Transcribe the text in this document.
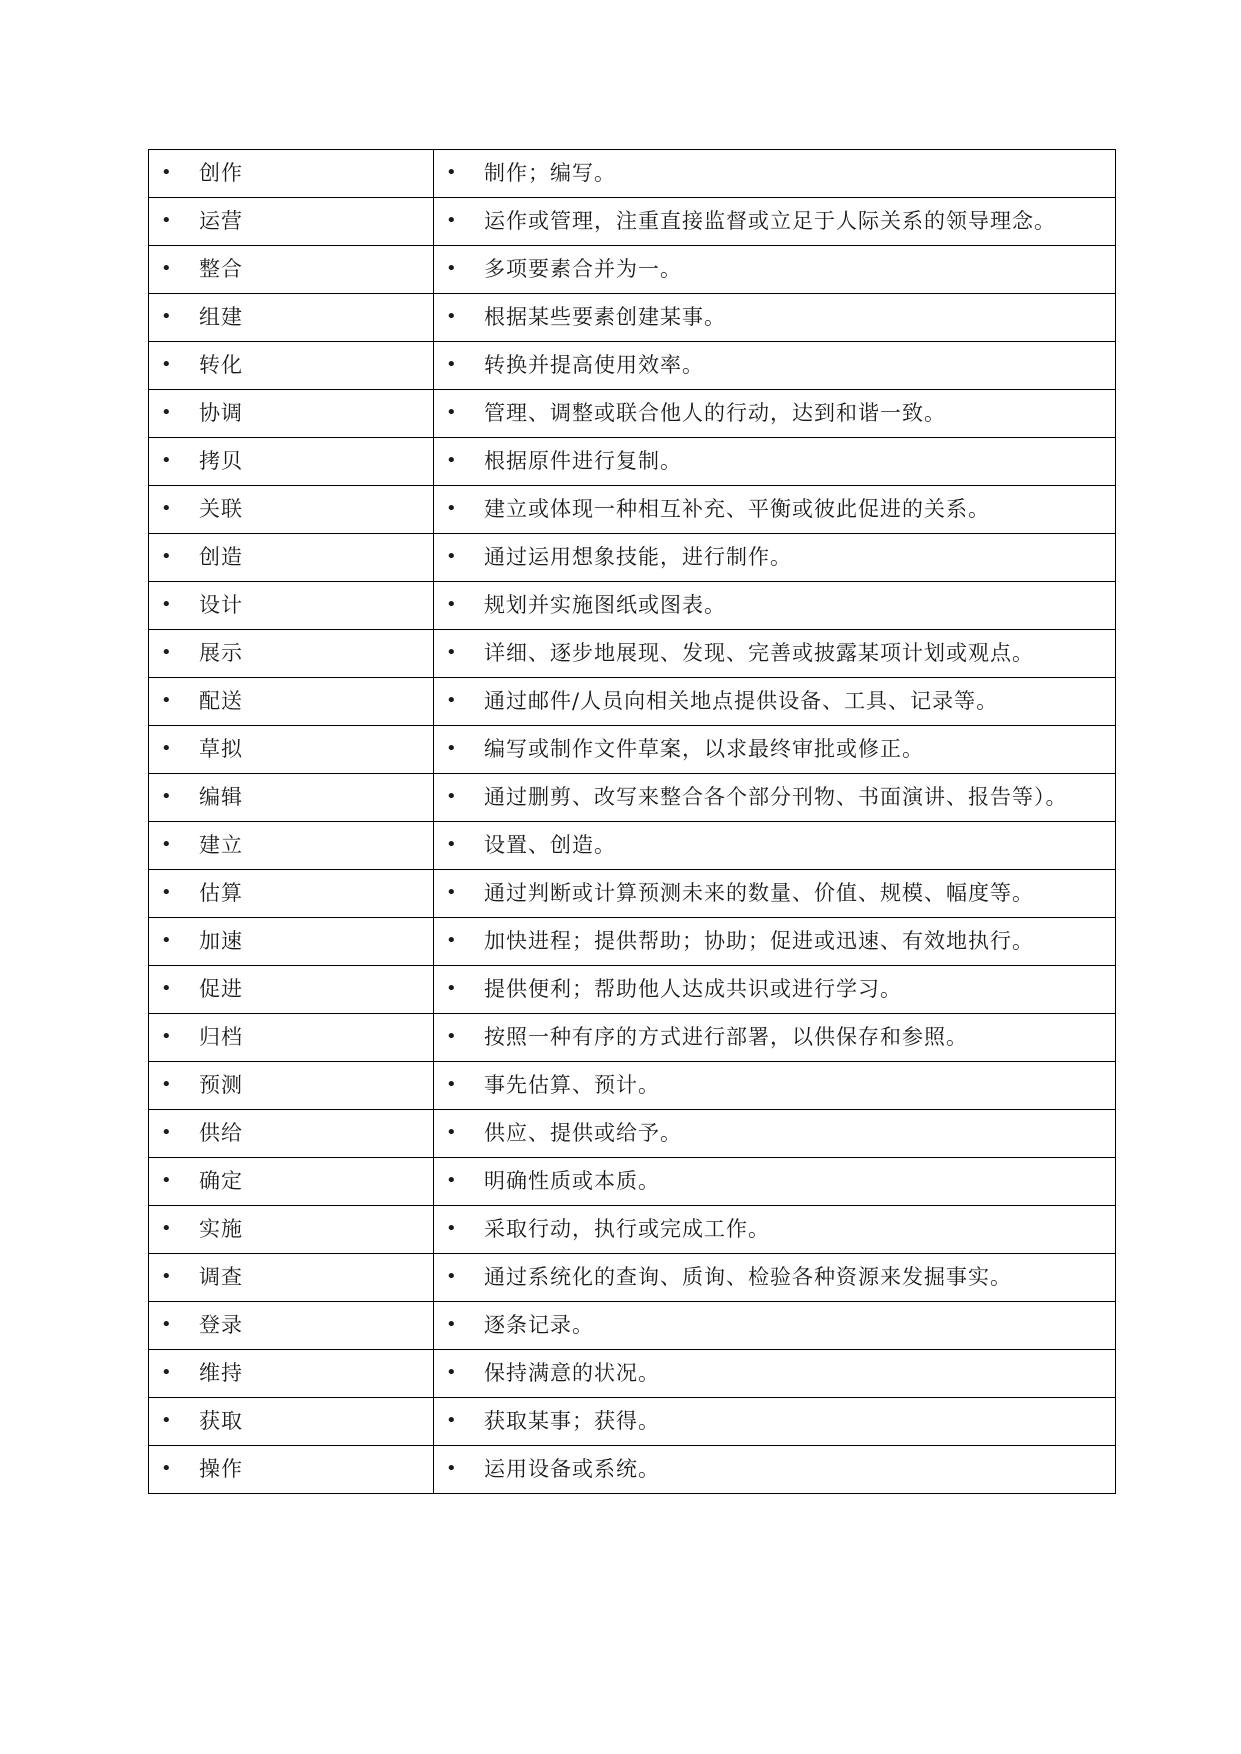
• 创作	• 制作；编写。

• 运营	• 运作或管理，注重直接监督或立足于人际关系的领导理念。

• 整合	• 多项要素合并为一。

• 组建	• 根据某些要素创建某事。

• 转化	• 转换并提高使用效率。

• 协调	• 管理、调整或联合他人的行动，达到和谐一致。

• 拷贝	• 根据原件进行复制。

• 关联	• 建立或体现一种相互补充、平衡或彼此促进的关系。

• 创造	• 通过运用想象技能，进行制作。

• 设计	• 规划并实施图纸或图表。

• 展示	• 详细、逐步地展现、发现、完善或披露某项计划或观点。

• 配送	• 通过邮件/人员向相关地点提供设备、工具、记录等。

• 草拟	• 编写或制作文件草案，以求最终审批或修正。

• 编辑	• 通过删剪、改写来整合各个部分刊物、书面演讲、报告等）。

• 建立	• 设置、创造。

• 估算	• 通过判断或计算预测未来的数量、价值、规模、幅度等。

• 加速	• 加快进程；提供帮助；协助；促进或迅速、有效地执行。

• 促进	• 提供便利；帮助他人达成共识或进行学习。

• 归档	• 按照一种有序的方式进行部署，以供保存和参照。

• 预测	• 事先估算、预计。

• 供给	• 供应、提供或给予。

• 确定	• 明确性质或本质。

• 实施	• 采取行动，执行或完成工作。

• 调查	• 通过系统化的查询、质询、检验各种资源来发掘事实。

• 登录	• 逐条记录。

• 维持	• 保持满意的状况。

• 获取	• 获取某事；获得。

• 操作	• 运用设备或系统。
